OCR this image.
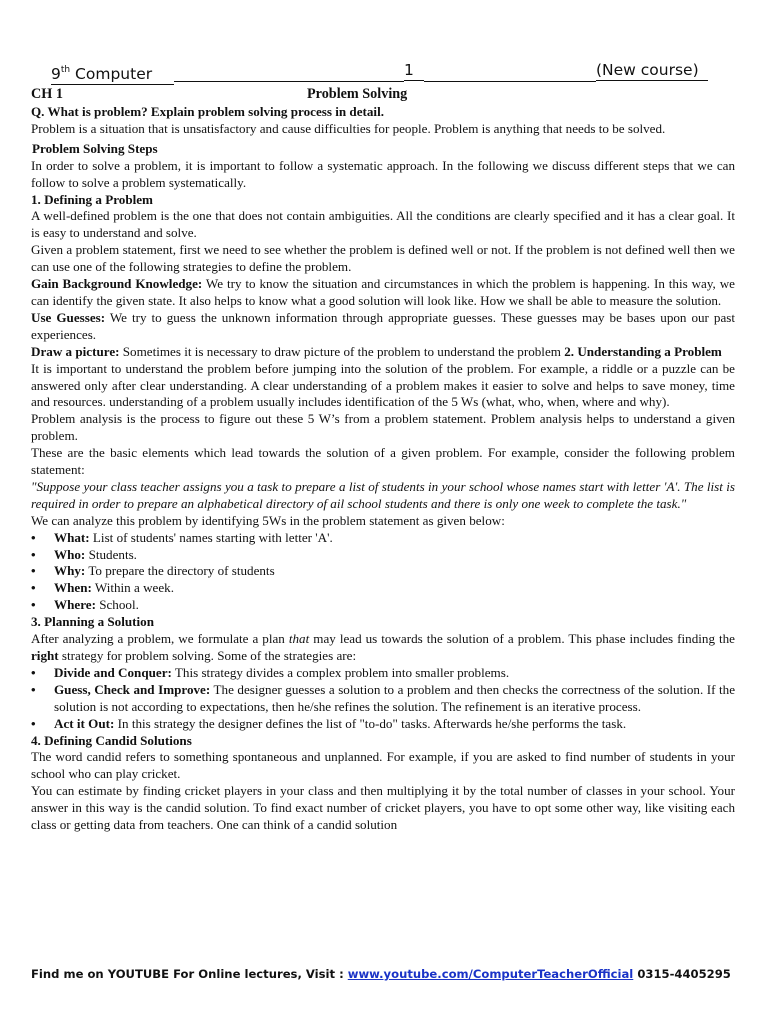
9th Computer	1	(New course)
CH 1	Problem Solving

Q. What is problem? Explain problem solving process in detail.

Problem is a situation that is unsatisfactory and cause difficulties for people. Problem is anything that needs to be solved.

Problem Solving Steps

In order to solve a problem, it is important to follow a systematic approach. In the following we discuss different steps that we can follow to solve a problem systematically.

1. Defining a Problem

A well-defined problem is the one that does not contain ambiguities. All the conditions are clearly specified and it has a clear goal. It is easy to understand and solve.

Given a problem statement, first we need to see whether the problem is defined well or not. If the problem is not defined well then we can use one of the following strategies to define the problem.

Gain Background Knowledge: We try to know the situation and circumstances in which the problem is happening. In this way, we can identify the given state. It also helps to know what a good solution will look like. How we shall be able to measure the solution.

Use Guesses: We try to guess the unknown information through appropriate guesses. These guesses may be bases upon our past experiences.

Draw a picture: Sometimes it is necessary to draw picture of the problem to understand the problem 2. Understanding a Problem

It is important to understand the problem before jumping into the solution of the problem. For example, a riddle or a puzzle can be answered only after clear understanding. A clear understanding of a problem makes it easier to solve and helps to save money, time and resources. understanding of a problem usually includes identification of the 5 Ws (what, who, when, where and why).

Problem analysis is the process to figure out these 5 W’s from a problem statement. Problem analysis helps to understand a given problem.

These are the basic elements which lead towards the solution of a given problem. For example, consider the following problem statement:

"Suppose your class teacher assigns you a task to prepare a list of students in your school whose names start with letter 'A'. The list is required in order to prepare an alphabetical directory of ail school students and there is only one week to complete the task."

We can analyze this problem by identifying 5Ws in the problem statement as given below:

• What: List of students' names starting with letter 'A'.
• Who: Students.
• Why: To prepare the directory of students
• When: Within a week.
• Where: School.

3. Planning a Solution

After analyzing a problem, we formulate a plan that may lead us towards the solution of a problem. This phase includes finding the right strategy for problem solving. Some of the strategies are:

• Divide and Conquer: This strategy divides a complex problem into smaller problems.
• Guess, Check and Improve: The designer guesses a solution to a problem and then checks the correctness of the solution. If the solution is not according to expectations, then he/she refines the solution. The refinement is an iterative process.
• Act it Out: In this strategy the designer defines the list of "to-do" tasks. Afterwards he/she performs the task.

4. Defining Candid Solutions

The word candid refers to something spontaneous and unplanned. For example, if you are asked to find number of students in your school who can play cricket.

You can estimate by finding cricket players in your class and then multiplying it by the total number of classes in your school. Your answer in this way is the candid solution. To find exact number of cricket players, you have to opt some other way, like visiting each class or getting data from teachers. One can think of a candid solution

Find me on YOUTUBE For Online lectures, Visit : www.youtube.com/ComputerTeacherOfficial 0315-4405295
